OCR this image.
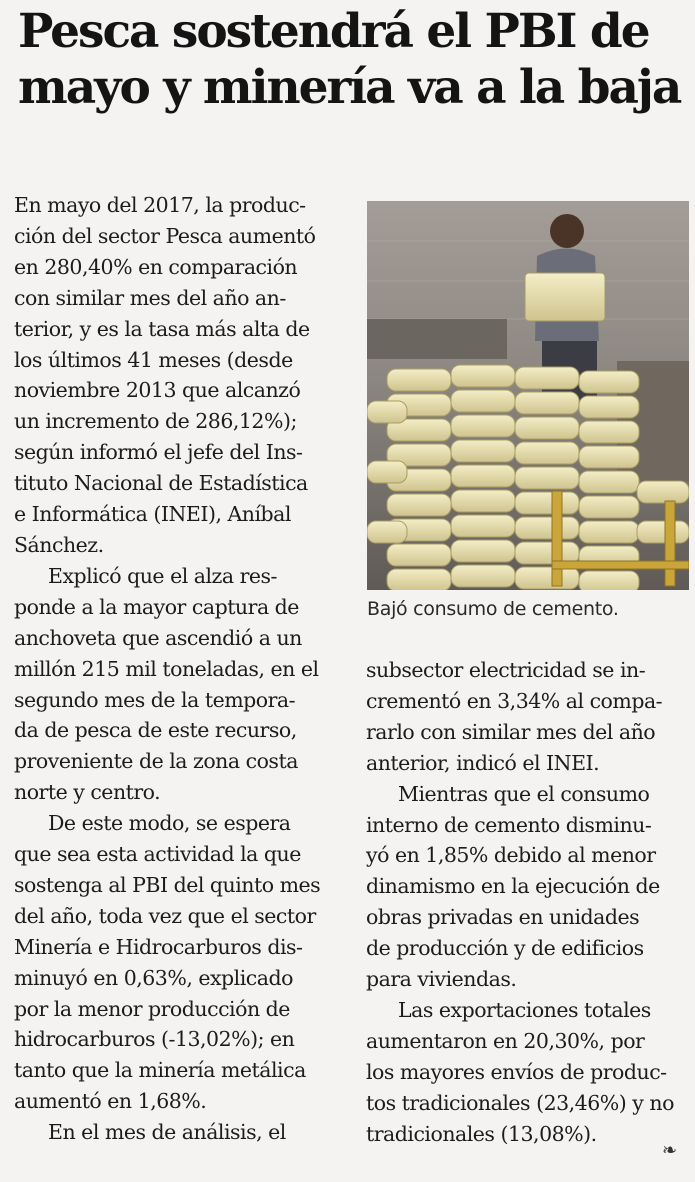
Pesca sostendrá el PBI de
mayo y minería va a la baja
En mayo del 2017, la produc-
ción del sector Pesca aumentó
en 280,40% en comparación
con similar mes del año an-
terior, y es la tasa más alta de
los últimos 41 meses (desde
noviembre 2013 que alcanzó
un incremento de 286,12%);
según informó el jefe del Ins-
tituto Nacional de Estadística
e Informática (INEI), Aníbal
Sánchez.
Explicó que el alza res-
ponde a la mayor captura de
anchoveta que ascendió a un
millón 215 mil toneladas, en el
segundo mes de la tempora-
da de pesca de este recurso,
proveniente de la zona costa
norte y centro.
De este modo, se espera
que sea esta actividad la que
sostenga al PBI del quinto mes
del año, toda vez que el sector
Minería e Hidrocarburos dis-
minuyó en 0,63%, explicado
por la menor producción de
hidrocarburos (-13,02%); en
tanto que la minería metálica
aumentó en 1,68%.
En el mes de análisis, el

Bajó consumo de cemento.

subsector electricidad se in-
crementó en 3,34% al compa-
rarlo con similar mes del año
anterior, indicó el INEI.
Mientras que el consumo
interno de cemento disminu-
yó en 1,85% debido al menor
dinamismo en la ejecución de
obras privadas en unidades
de producción y de edificios
para viviendas.
Las exportaciones totales
aumentaron en 20,30%, por
los mayores envíos de produc-
tos tradicionales (23,46%) y no
tradicionales (13,08%).
❧
